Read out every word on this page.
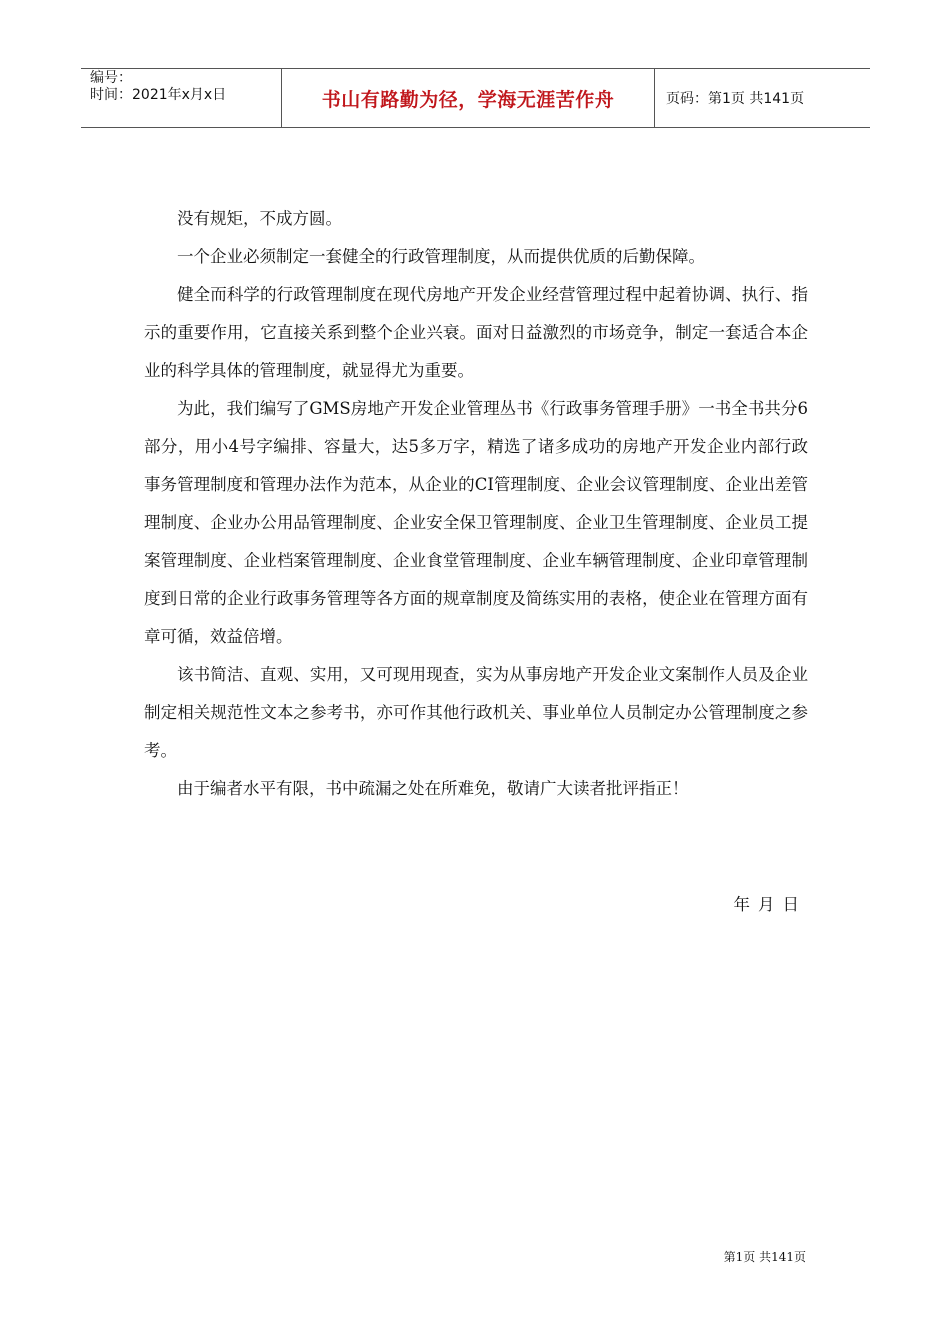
编号：
时间：2021年x月x日	书山有路勤为径，学海无涯苦作舟	页码：第1页 共141页

没有规矩，不成方圆。

一个企业必须制定一套健全的行政管理制度，从而提供优质的后勤保障。

健全而科学的行政管理制度在现代房地产开发企业经营管理过程中起着协调、执行、指示的重要作用，它直接关系到整个企业兴衰。面对日益激烈的市场竞争，制定一套适合本企业的科学具体的管理制度，就显得尤为重要。

为此，我们编写了GMS房地产开发企业管理丛书《行政事务管理手册》一书全书共分6部分，用小4号字编排、容量大，达5多万字，精选了诸多成功的房地产开发企业内部行政事务管理制度和管理办法作为范本，从企业的CI管理制度、企业会议管理制度、企业出差管理制度、企业办公用品管理制度、企业安全保卫管理制度、企业卫生管理制度、企业员工提案管理制度、企业档案管理制度、企业食堂管理制度、企业车辆管理制度、企业印章管理制度到日常的企业行政事务管理等各方面的规章制度及简练实用的表格，使企业在管理方面有章可循，效益倍增。

该书简洁、直观、实用，又可现用现查，实为从事房地产开发企业文案制作人员及企业制定相关规范性文本之参考书，亦可作其他行政机关、事业单位人员制定办公管理制度之参考。

由于编者水平有限，书中疏漏之处在所难免，敬请广大读者批评指正！

年月日
第1页 共141页
